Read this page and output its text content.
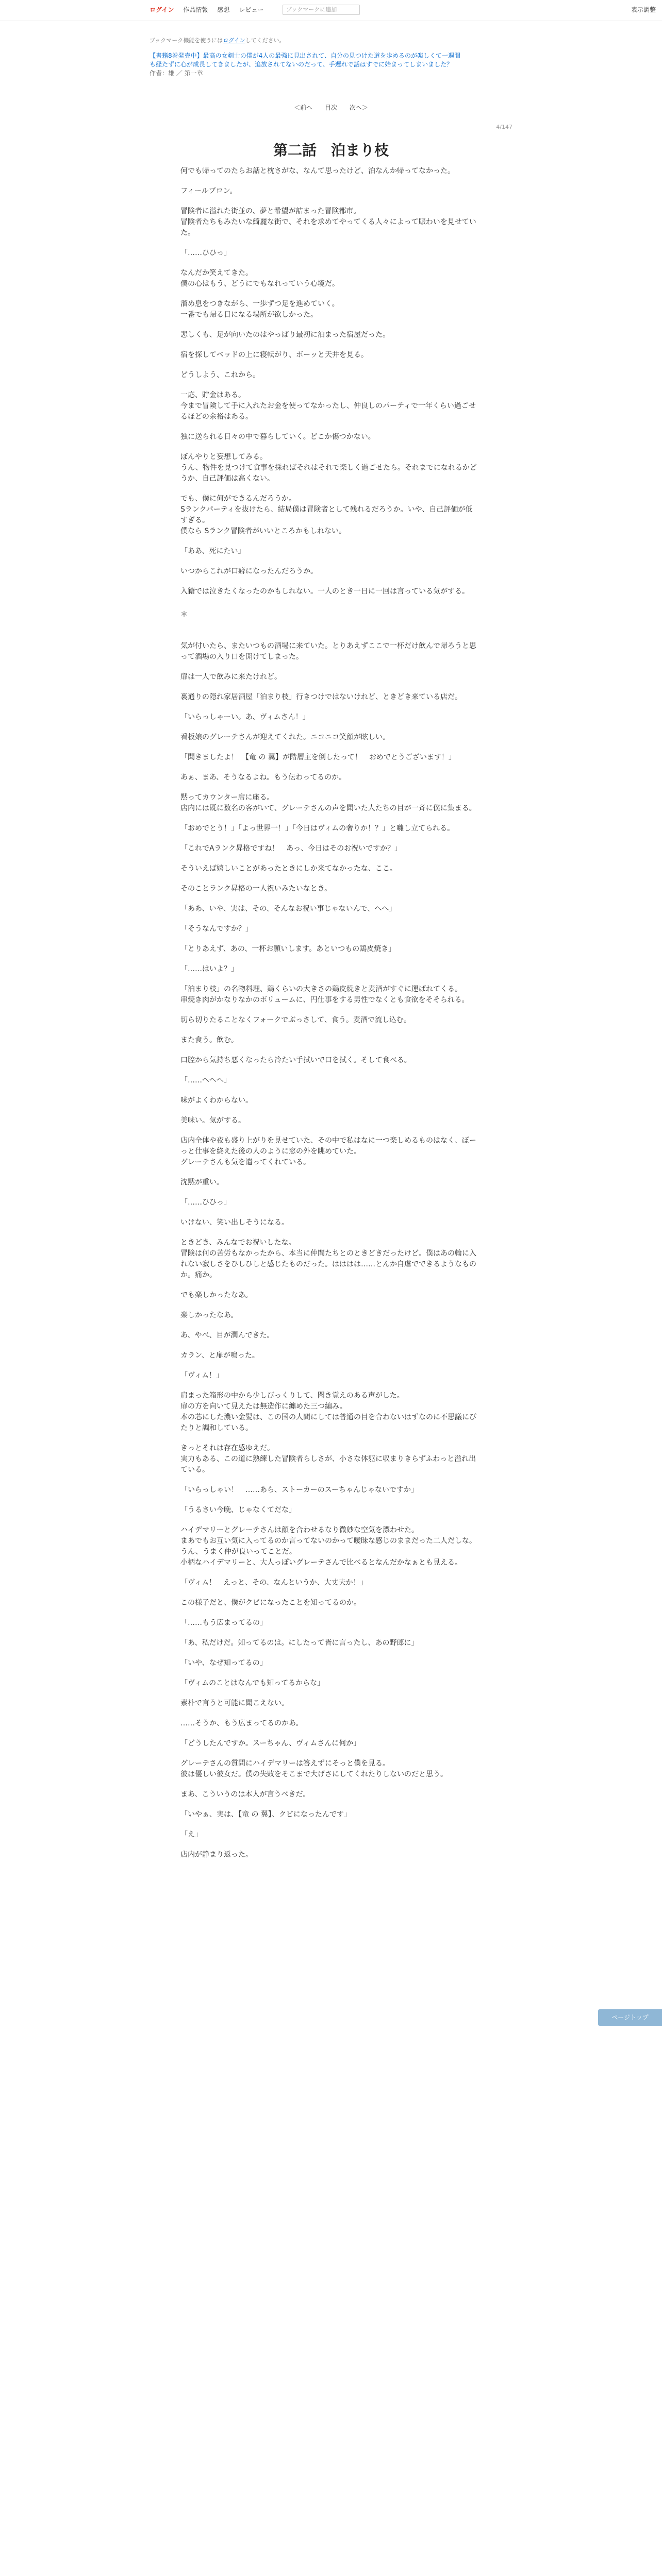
ログイン 作品情報 感想 レビュー	ブックマークに追加	表示調整
ブックマーク機能を使うにはログインしてください。
【書籍8巻発売中】最高の女剣士の僕が4人の最強に見出されて、自分の見つけた道を歩めるのが楽しくて一週間も経たずに心が成長してきましたが、追放されてないのだって、手遅れで話はすでに始まってしまいました？
作者：雄 ／ 第一章
＜前へ 目次 次へ＞
4/147
第二話　泊まり枝

何でも帰ってのたらお話と枕さがな、なんて思ったけど、泊なんか帰ってなかった。

フィールブロン。

冒険者に溢れた街並の、夢と希望が詰まった冒険都市。
冒険者たちもみたいな綺麗な街で、それを求めてやってくる人々によって賑わいを見せていた。

「……ひひっ」

なんだか笑えてきた。
僕の心はもう、どうにでもなれっていう心境だ。

溜め息をつきながら、一歩ずつ足を進めていく。
一番でも帰る日になる場所が欲しかった。

悲しくも、足が向いたのはやっぱり最初に泊まった宿屋だった。

宿を探してベッドの上に寝転がり、ボーッと天井を見る。

どうしよう、これから。

一応、貯金はある。
今まで冒険して手に入れたお金を使ってなかったし、仲良しのパーティで一年くらい過ごせるほどの余裕はある。

独に送られる日々の中で暮らしていく。どこか傷つかない。

ぼんやりと妄想してみる。
うん、物件を見つけて食事を採ればそれはそれで楽しく過ごせたら。それまでになれるかどうか、自己評価は高くない。

でも、僕に何ができるんだろうか。
Sランクパーティを抜けたら、結局僕は冒険者として残れるだろうか。いや、自己評価が低すぎる。
僕なら Sランク冒険者がいいところかもしれない。

「ああ、死にたい」

いつからこれが口癖になったんだろうか。

入籍では泣きたくなったのかもしれない。一人のとき一日に一回は言っている気がする。

＊

気が付いたら、またいつもの酒場に来ていた。とりあえずここで一杯だけ飲んで帰ろうと思って酒場の入り口を開けてしまった。

扉は一人で飲みに来たけれど。

裏通りの隠れ家居酒屋「泊まり枝」行きつけではないけれど、ときどき来ている店だ。

「いらっしゃーい。あ、ヴィムさん！」

看板娘のグレーテさんが迎えてくれた。ニコニコ笑顔が眩しい。

「聞きましたよ！　【竜 の 翼】が階層主を倒したって！　おめでとうございます！」

あぁ、まあ、そうなるよね。もう伝わってるのか。

黙ってカウンター席に座る。
店内には既に数名の客がいて、グレーテさんの声を聞いた人たちの目が一斉に僕に集まる。

「おめでとう！」「よっ世界一！」「今日はヴィムの奢りか！？」と囃し立てられる。

「これでAランク昇格ですね！　あっ、今日はそのお祝いですか？」

そういえば嬉しいことがあったときにしか来てなかったな、ここ。

そのことランク昇格の一人祝いみたいなとき。

「ああ、いや、実は、その、そんなお祝い事じゃないんで、へへ」

「そうなんですか？」

「とりあえず、あの、一杯お願いします。あといつもの鶏皮焼き」

「……はいよ？」

「泊まり枝」の名物料理、鶏くらいの大きさの鶏皮焼きと麦酒がすぐに運ばれてくる。
串焼き肉がかなりなかのボリュームに、円仕事をする男性でなくとも食欲をそそられる。

切ら切りたることなくフォークでぶっさして、食う。麦酒で流し込む。

また食う。飲む。

口腔から気持ち悪くなったら冷たい手拭いで口を拭く。そして食べる。

「……へへへ」

味がよくわからない。

美味い。気がする。

店内全体や夜も盛り上がりを見せていた、その中で私はなに一つ楽しめるものはなく、ぼーっと仕事を終えた後の人のように窓の外を眺めていた。
グレーテさんも気を遣ってくれている。

沈黙が重い。

「……ひひっ」

いけない、笑い出しそうになる。

ときどき、みんなでお祝いしたな。
冒険は何の苦労もなかったから、本当に仲間たちとのときどきだったけど。僕はあの輪に入れない寂しさをひしひしと感じたものだった。はははは……とんか自虐でできるようなものか。痛か。

でも楽しかったなあ。

楽しかったなあ。

あ、やべ、目が潤んできた。

カラン、と扉が鳴った。

「ヴィム！」

肩まった箱形の中から少しびっくりして、聞き覚えのある声がした。
扉の方を向いて見えたは無造作に纏めた三つ編み。
本の芯にした濃い金髪は、この国の人間にしては普通の目を合わないはずなのに不思議にぴたりと調和している。

きっとそれは存在感ゆえだ。
実力もある、この道に熟練した冒険者らしさが、小さな体躯に収まりきらずふわっと溢れ出ている。

「いらっしゃい！　……あら、ストーカーのスーちゃんじゃないですか」

「うるさい今晩、じゃなくてだな」

ハイデマリーとグレーテさんは顔を合わせるなり微妙な空気を漂わせた。
まあでもお互い気に入ってるのか言ってないのかって曖昧な感じのままだった二人だしな。うん、うまく仲が良いってことだ。
小柄なハイデマリーと、大人っぽいグレーテさんで比べるとなんだかなぁとも見える。

「ヴィム！　えっと、その、なんというか、大丈夫か！」

この様子だと、僕がクビになったことを知ってるのか。

「……もう広まってるの」

「あ、私だけだ。知ってるのは。にしたって皆に言ったし、あの野郎に」

「いや、なぜ知ってるの」

「ヴィムのことはなんでも知ってるからな」

素朴で言うと可能に聞こえない。

……そうか、もう広まってるのかあ。

「どうしたんですか。スーちゃん、ヴィムさんに何か」

グレーテさんの質問にハイデマリーは答えずにそっと僕を見る。
彼は優しい彼女だ。僕の失敗をそこまで大げさにしてくれたりしないのだと思う。

まあ、こういうのは本人が言うべきだ。

「いやぁ、実は、【竜 の 翼】、クビになったんです」

「え」

店内が静まり返った。

ページトップ
